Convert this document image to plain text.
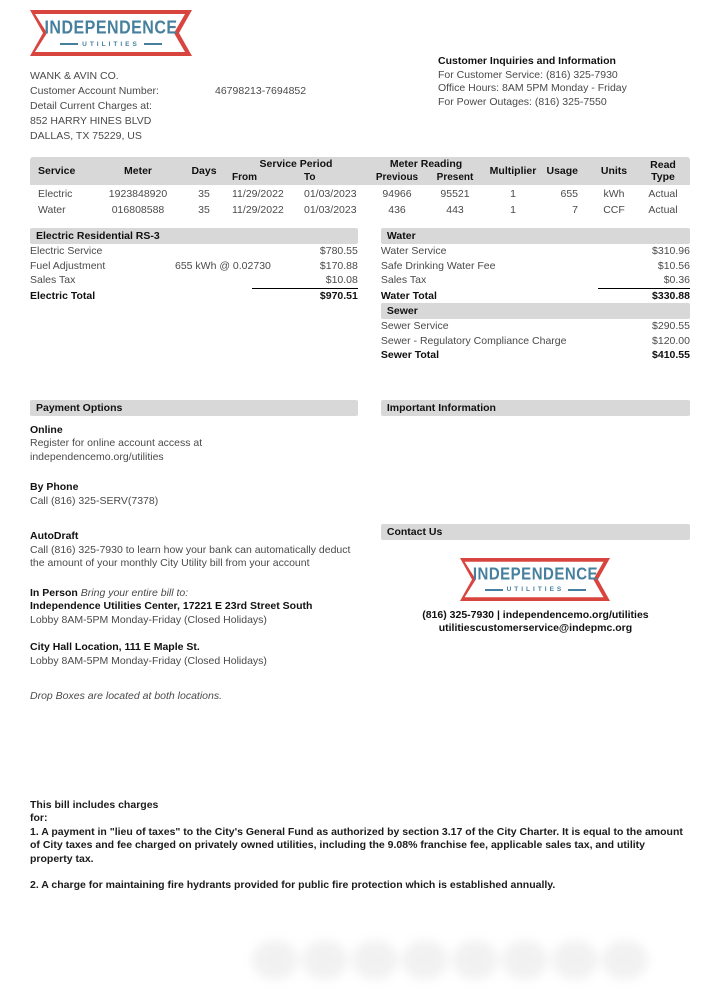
INDEPENDENCE
UTILITIES
WANK & AVIN CO.
Customer Account Number:	46798213-7694852
Detail Current Charges at:
852 HARRY HINES BLVD
DALLAS, TX 75229, US
Customer Inquiries and Information
For Customer Service: (816) 325-7930
Office Hours: 8AM 5PM Monday - Friday
For Power Outages: (816) 325-7550
Service	Meter	Days	Service Period		Meter Reading		Multiplier	Usage	Units	Read Type
			From	To	Previous	Present				
Electric	1923848920	35	11/29/2022	01/03/2023	94966	95521	1	655	kWh	Actual
Water	016808588	35	11/29/2022	01/03/2023	436	443	1	7	CCF	Actual
Electric Residential RS-3
Electric Service	$780.55
Fuel Adjustment	655 kWh @ 0.02730	$170.88
Sales Tax	$10.08
Electric Total	$970.51
Water
Water Service	$310.96
Safe Drinking Water Fee	$10.56
Sales Tax	$0.36
Water Total	$330.88
Sewer
Sewer Service	$290.55
Sewer - Regulatory Compliance Charge	$120.00
Sewer Total	$410.55
Payment Options
Online
Register for online account access at
independencemo.org/utilities
By Phone
Call (816) 325-SERV(7378)
AutoDraft
Call (816) 325-7930 to learn how your bank can automatically deduct the amount of your monthly City Utility bill from your account
In Person Bring your entire bill to:
Independence Utilities Center, 17221 E 23rd Street South
Lobby 8AM-5PM Monday-Friday (Closed Holidays)
City Hall Location, 111 E Maple St.
Lobby 8AM-5PM Monday-Friday (Closed Holidays)
Drop Boxes are located at both locations.
Important Information
Contact Us
INDEPENDENCE
UTILITIES
(816) 325-7930 | independencemo.org/utilities
utilitiescustomerservice@indepmc.org
This bill includes charges
for:

1. A payment in "lieu of taxes" to the City's General Fund as authorized by section 3.17 of the City Charter. It is equal to the amount of City taxes and fee charged on privately owned utilities, including the 9.08% franchise fee, applicable sales tax, and utility property tax.

2. A charge for maintaining fire hydrants provided for public fire protection which is established annually.
